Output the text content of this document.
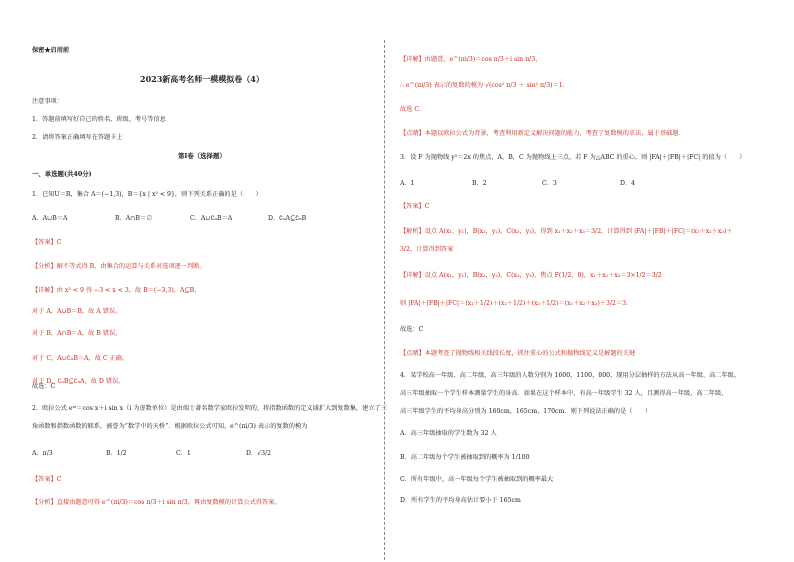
保密★启用前
2023新高考名师一模模拟卷（4）
注意事项：
1．答题前填写好自己的姓名、班级、考号等信息
2．请将答案正确填写在答题卡上
第I卷（选择题）
一、单选题(共40分)
1．已知U＝R，集合 A＝(−1,3)，B＝{x | x² < 9}，则下列关系正确的是（　　）
A．A∪B＝A	B．A∩B＝∅	C．A∪∁ᵤB＝A	D．∁ᵤA⊆∁ᵤB
【答案】C
【分析】解不等式得 B，由集合的运算与关系对选项逐一判断。
【详解】由 x² < 9 得 −3 < x < 3，故 B＝(−3,3)，A⊆B，
对于 A，A∪B＝B，故 A 错误。
对于 B，A∩B＝A，故 B 错误，
对于 C，A∪∁ᵤB＝A，故 C 正确，
对于 D，∁ᵤB⊆∁ᵤA，故 D 错误。
故选：C
2．欧拉公式 eˣⁱ＝cos x＋i sin x（i 为虚数单位）是由瑞士著名数学家欧拉发明的，将指数函数的定义域扩大到复数集，建立了三
角函数和指数函数的联系，被誉为“数学中的天桥”．根据欧拉公式可知，e^(πi/3) 表示的复数的模为
A．π/3	B．1/2	C．1	D．√3/2
【答案】C
【分析】直接由题意可得 e^(πi/3)＝cos π/3＋i sin π/3，再由复数模的计算公式得答案。
【详解】由题意，e^(πi/3)＝cos π/3＋i sin π/3，
∴ e^(πi/3) 表示的复数的模为 √(cos² π/3 ＋ sin² π/3)＝1．
故选 C．
【点睛】本题以欧拉公式为背景，考查利用新定义解决问题的能力，考查了复数模的求法，属于基础题．
3．设 F 为抛物线 y²＝2x 的焦点，A，B，C 为抛物线上三点，若 F 为△ABC 的重心，则 |FA|＋|FB|＋|FC| 的值为（　　）
A．1	B．2	C．3	D．4
【答案】C
【解析】设点 A(x₁，y₁)，B(x₂，y₂)，C(x₃，y₃)，得到 x₁＋x₂＋x₃＝3/2，计算得到 |FA|＋|FB|＋|FC|＝(x₁＋x₂＋x₃)＋
3/2，计算得到答案
【详解】设点 A(x₁，y₁)，B(x₂，y₂)，C(x₃，y₃)，焦点 F(1/2，0)，x₁＋x₂＋x₃＝3×1/2＝3/2
则 |FA|＋|FB|＋|FC|＝(x₁＋1/2)＋(x₂＋1/2)＋(x₃＋1/2)＝(x₁＋x₂＋x₃)＋3/2＝3．
故选：C
【点睛】本题考查了抛物线相关线段长度，抓住重心的公式和抛物线定义是解题的关键
4．某学校高一年级、高二年级、高三年级的人数分别为 1600，1100，800，现用分层抽样的方法从高一年级、高二年级、
高三年级抽取一个学生样本测量学生的身高．如果在这个样本中，有高一年级学生 32 人，且测得高一年级、高二年级、
高三年级学生的平均身高分别为 160cm，165cm，170cm．则下列说法正确的是（　　）
A．高三年级抽取的学生数为 32 人
B．高二年级每个学生被抽取到的概率为 1/100
C．所有年级中，高一年级每个学生被抽取到的概率最大
D．所有学生的平均身高估计要小于 165cm
